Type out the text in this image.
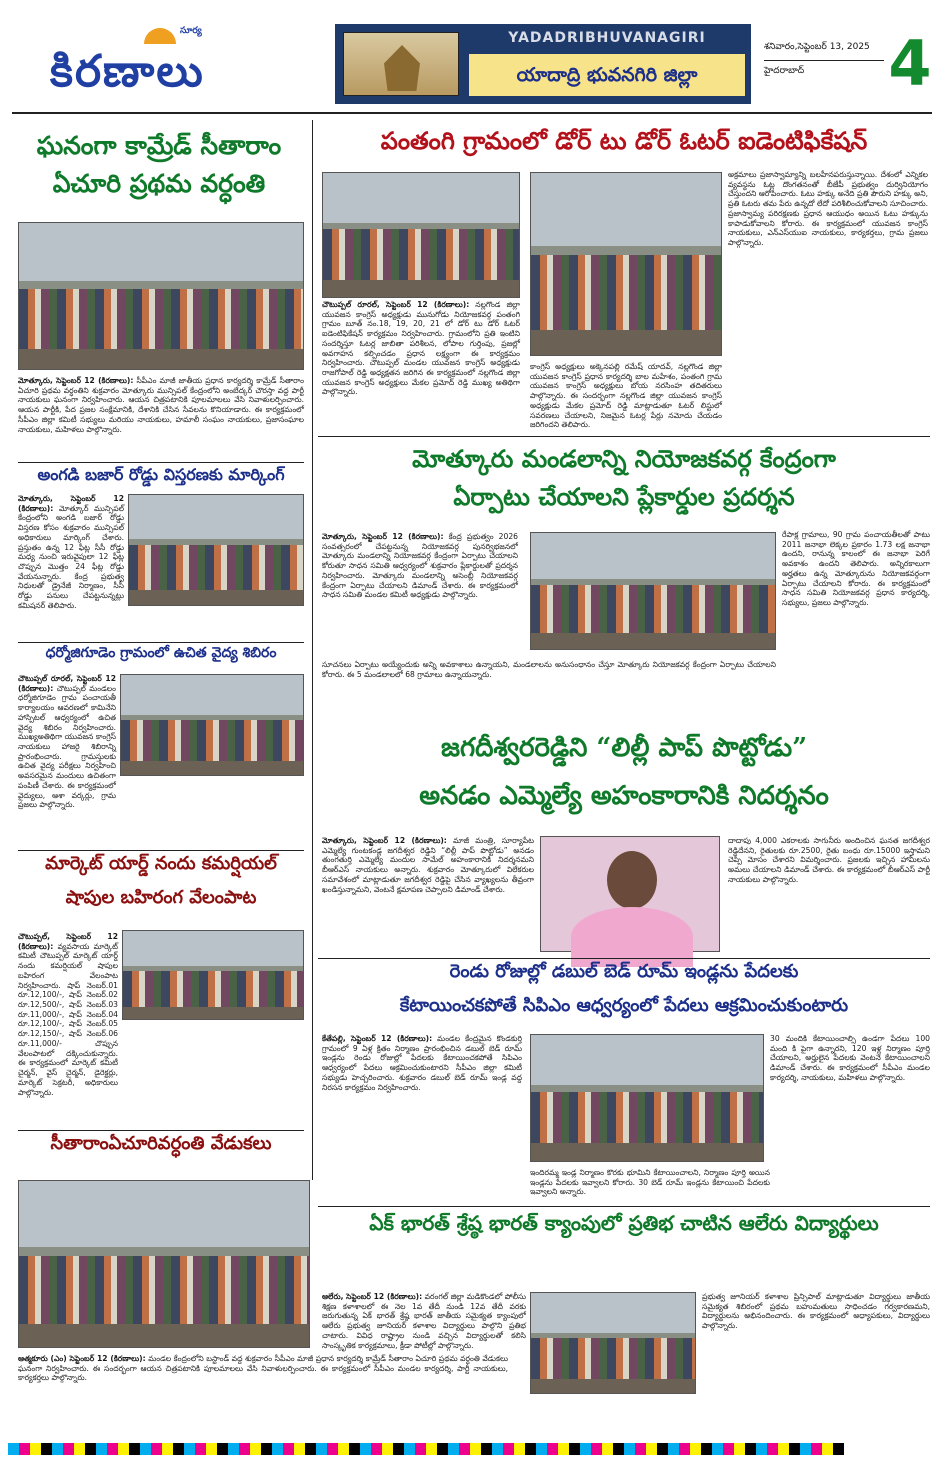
సూర్య
కిరణాలు
YADADRIBHUVANAGIRI
యాదాద్రి భువనగిరి జిల్లా
శనివారం,సెప్టెంబర్ 13, 2025
హైదరాబాద్	4
ఘనంగా కామ్రేడ్ సీతారాం
ఏచూరి ప్రథమ వర్ధంతి
మోత్కూరు, సెప్టెంబర్ 12 (కిరణాలు): సీపీఎం మాజీ జాతీయ ప్రధాన కార్యదర్శి కామ్రేడ్ సీతారాం ఏచూరి ప్రథమ వర్ధంతిని శుక్రవారం మోత్కూరు మున్సిపల్ కేంద్రంలోని అంబేద్కర్ చౌరస్తా వద్ద పార్టీ నాయకులు ఘనంగా నిర్వహించారు. ఆయన చిత్రపటానికి పూలమాలలు వేసి నివాళులర్పించారు. ఆయన పార్టీకి, పేద ప్రజల సంక్షేమానికి, దేశానికి చేసిన సేవలను కొనియాడారు. ఈ కార్యక్రమంలో సీపీఎం జిల్లా కమిటీ సభ్యులు మరియు నాయకులు, హమాలీ సంఘం నాయకులు, ప్రజాసంఘాల నాయకులు, మహిళలు పాల్గొన్నారు.
అంగడి బజార్ రోడ్డు విస్తరణకు మార్కింగ్
మోత్కూరు, సెప్టెంబర్ 12 (కిరణాలు): మోత్కూర్ మున్సిపల్ కేంద్రంలోని అంగడి బజార్ రోడ్డు విస్తరణ కోసం శుక్రవారం మున్సిపల్ అధికారులు మార్కింగ్ చేశారు. ప్రస్తుతం ఉన్న 12 ఫీట్ల సీసీ రోడ్డు మధ్య నుంచి ఇరువైపులా 12 ఫీట్ల చొప్పున మొత్తం 24 ఫీట్ల రోడ్డు వేయనున్నారు. కేంద్ర ప్రభుత్వ నిధులతో డ్రైనేజీ నిర్మాణం, సీసీ రోడ్డు పనులు చేపట్టనున్నట్లు కమిషనర్ తెలిపారు.
ధర్మోజిగూడెం గ్రామంలో ఉచిత వైద్య శిబిరం
చౌటుప్పల్ రూరల్, సెప్టెంబర్ 12 (కిరణాలు): చౌటుప్పల్ మండలం ధర్మోజిగూడెం గ్రామ పంచాయతీ కార్యాలయం ఆవరణలో కామినేని హాస్పిటల్ ఆధ్వర్యంలో ఉచిత వైద్య శిబిరం నిర్వహించారు. ముఖ్యఅతిథిగా యువజన కాంగ్రెస్ నాయకులు హాజరై శిబిరాన్ని ప్రారంభించారు. గ్రామస్తులకు ఉచిత వైద్య పరీక్షలు నిర్వహించి అవసరమైన మందులు ఉచితంగా పంపిణీ చేశారు. ఈ కార్యక్రమంలో వైద్యులు, ఆశా వర్కర్లు, గ్రామ ప్రజలు పాల్గొన్నారు.
మార్కెట్ యార్డ్ నందు కమర్షియల్
షాపుల బహిరంగ వేలంపాట
చౌటుప్పల్, సెప్టెంబర్ 12 (కిరణాలు): వ్యవసాయ మార్కెట్ కమిటీ చౌటుప్పల్ మార్కెట్ యార్డ్ నందు కమర్షియల్ షాపుల బహిరంగ వేలంపాట నిర్వహించారు. షాప్ నెంబర్.01 రూ.12,100/-, షాప్ నెంబర్.02 రూ.12,500/-, షాప్ నెంబర్.03 రూ.11,000/-, షాప్ నెంబర్.04 రూ.12,100/-, షాప్ నెంబర్.05 రూ.12,150/-, షాప్ నెంబర్.06 రూ.11,000/- చొప్పున వేలంపాటలో దక్కించుకున్నారు. ఈ కార్యక్రమంలో మార్కెట్ కమిటీ చైర్మన్, వైస్ చైర్మన్, డైరెక్టర్లు, మార్కెట్ సెక్రటరీ, అధికారులు పాల్గొన్నారు.
సీతారాంఏచూరివర్ధంతి వేడుకలు
ఆత్మకూరు (ఎం) సెప్టెంబర్ 12 (కిరణాలు): మండల కేంద్రంలోని బస్టాండ్ వద్ద శుక్రవారం సీపీఎం మాజీ ప్రధాన కార్యదర్శి కామ్రేడ్ సీతారాం ఏచూరి ప్రథమ వర్ధంతి వేడుకలు ఘనంగా నిర్వహించారు. ఈ సందర్భంగా ఆయన చిత్రపటానికి పూలమాలలు వేసి నివాళులర్పించారు. ఈ కార్యక్రమంలో సీపీఎం మండల కార్యదర్శి, పార్టీ నాయకులు, కార్యకర్తలు పాల్గొన్నారు.
పంతంగి గ్రామంలో డోర్ టు డోర్ ఓటర్ ఐడెంటిఫికేషన్
చౌటుప్పల్ రూరల్, సెప్టెంబర్ 12 (కిరణాలు): నల్లగొండ జిల్లా యువజన కాంగ్రెస్ అధ్యక్షుడు మునుగోడు నియోజకవర్గ పంతంగి గ్రామం బూత్ నం.18, 19, 20, 21 లో డోర్ టు డోర్ ఓటర్ ఐడెంటిఫికేషన్ కార్యక్రమం నిర్వహించారు. గ్రామంలోని ప్రతి ఇంటిని సందర్శిస్తూ ఓటర్ల జాబితా పరిశీలన, లోపాల గుర్తింపు, ప్రజల్లో అవగాహన కల్పించడం ప్రధాన లక్ష్యంగా ఈ కార్యక్రమం నిర్వహించారు. చౌటుప్పల్ మండల యువజన కాంగ్రెస్ అధ్యక్షుడు రాజగోపాల్ రెడ్డి అధ్యక్షతన జరిగిన ఈ కార్యక్రమంలో నల్లగొండ జిల్లా యువజన కాంగ్రెస్ అధ్యక్షులు మేకల ప్రమోద్ రెడ్డి ముఖ్య అతిథిగా పాల్గొన్నారు.
కాంగ్రెస్ అధ్యక్షులు అక్కెనపల్లి రమేష్ యాదవ్, నల్లగొండ జిల్లా యువజన కాంగ్రెస్ ప్రధాన కార్యదర్శి బాల మహేశం, పంతంగి గ్రామ యువజన కాంగ్రెస్ అధ్యక్షులు బోయ నరసింహ తదితరులు పాల్గొన్నారు. ఈ సందర్భంగా నల్లగొండ జిల్లా యువజన కాంగ్రెస్ అధ్యక్షుడు మేకల ప్రమోద్ రెడ్డి మాట్లాడుతూ ఓటర్ లిస్టులో సవరణలు చేయాలని, నిజమైన ఓటర్ల పేర్లు నమోదు చేయడం జరిగిందని తెలిపారు.
అక్రమాలు ప్రజాస్వామ్యాన్ని బలహీనపరుస్తున్నాయి. దేశంలో ఎన్నికల వ్యవస్థను ఓట్ల దొంగతనంతో బీజేపీ ప్రభుత్వం దుర్వినియోగం చేస్తుందని ఆరోపించారు. ఓటు హక్కు అనేది ప్రతి పౌరుని హక్కు అని, ప్రతి ఓటరు తమ పేరు ఉన్నదో లేదో పరిశీలించుకోవాలని సూచించారు. ప్రజాస్వామ్య పరిరక్షణకు ప్రధాన ఆయుధం అయిన ఓటు హక్కును కాపాడుకోవాలని కోరారు. ఈ కార్యక్రమంలో యువజన కాంగ్రెస్ నాయకులు, ఎన్ఎస్‌యుఐ నాయకులు, కార్యకర్తలు, గ్రామ ప్రజలు పాల్గొన్నారు.
మోత్కూరు మండలాన్ని నియోజకవర్గ కేంద్రంగా
ఏర్పాటు చేయాలని ప్లేకార్డుల ప్రదర్శన
మోత్కూరు, సెప్టెంబర్ 12 (కిరణాలు): కేంద్ర ప్రభుత్వం 2026 సంవత్సరంలో చేపట్టనున్న నియోజకవర్గ పునర్విభజనలో మోత్కూరు మండలాన్ని నియోజకవర్గ కేంద్రంగా ఏర్పాటు చేయాలని కోరుతూ సాధన సమితి ఆధ్వర్యంలో శుక్రవారం ప్లేకార్డులతో ప్రదర్శన నిర్వహించారు. మోత్కూరు మండలాన్ని అసెంబ్లీ నియోజకవర్గ కేంద్రంగా ఏర్పాటు చేయాలని డిమాండ్ చేశారు. ఈ కార్యక్రమంలో సాధన సమితి మండల కమిటీ అధ్యక్షుడు పాల్గొన్నారు.
సూచనలు ఏర్పాటు అయ్యేందుకు అన్ని అవకాశాలు ఉన్నాయని, మండలాలను అనుసంధానం చేస్తూ మోత్కూరు నియోజకవర్గ కేంద్రంగా ఏర్పాటు చేయాలని కోరారు. ఈ 5 మండలాలలో 68 గ్రామాలు ఉన్నాయన్నారు.
రేపాక్ల గ్రామాలు, 90 గ్రామ పంచాయతీలతో పాటు 2011 జనాభా లెక్కల ప్రకారం 1.73 లక్ష జనాభా ఉందని, రానున్న కాలంలో ఈ జనాభా పెరిగే అవకాశం ఉందని తెలిపారు. అన్నిరకాలుగా అర్హతలు ఉన్న మోత్కూరును నియోజకవర్గంగా ఏర్పాటు చేయాలని కోరారు. ఈ కార్యక్రమంలో సాధన సమితి నియోజకవర్గ ప్రధాన కార్యదర్శి, సభ్యులు, ప్రజలు పాల్గొన్నారు.
జగదీశ్వరరెడ్డిని “లిల్లీ పాప్ పొట్టోడు”
అనడం ఎమ్మెల్యే అహంకారానికి నిదర్శనం
మోత్కూరు, సెప్టెంబర్ 12 (కిరణాలు): మాజీ మంత్రి, సూర్యాపేట ఎమ్మెల్యే గుంటకండ్ల జగదీశ్వర రెడ్డిని “లిల్లీ పాప్ పొట్టోడు” అనడం తుంగతుర్తి ఎమ్మెల్యే మందుల సామేల్ అహంకారానికి నిదర్శనమని బీఆర్ఎస్ నాయకులు అన్నారు. శుక్రవారం మోత్కూరులో విలేకరుల సమావేశంలో మాట్లాడుతూ జగదీశ్వర రెడ్డిపై చేసిన వ్యాఖ్యలను తీవ్రంగా ఖండిస్తున్నామని, వెంటనే క్షమాపణ చెప్పాలని డిమాండ్ చేశారు.
దాదాపు 4,000 ఎకరాలకు సాగునీరు అందించిన ఘనత జగదీశ్వర రెడ్డిదేనని, రైతులకు రూ.2500, రైతు బంధు రూ.15000 ఇస్తామని చెప్పి మోసం చేశారని విమర్శించారు. ప్రజలకు ఇచ్చిన హామీలను అమలు చేయాలని డిమాండ్ చేశారు. ఈ కార్యక్రమంలో బీఆర్ఎస్ పార్టీ నాయకులు పాల్గొన్నారు.
రెండు రోజుల్లో డబుల్ బెడ్ రూమ్ ఇండ్లను పేదలకు
కేటాయించకపోతే సిపిఎం ఆధ్వర్యంలో పేదలు ఆక్రమించుకుంటారు
కేతేపల్లి, సెప్టెంబర్ 12 (కిరణాలు): మండల కేంద్రమైన కొండకుర్తి గ్రామంలో 9 ఏళ్ల క్రితం నిర్మాణం ప్రారంభించిన డబుల్ బెడ్ రూమ్ ఇండ్లను రెండు రోజుల్లో పేదలకు కేటాయించకపోతే సిపిఎం ఆధ్వర్యంలో పేదలు ఆక్రమించుకుంటారని సీపీఎం జిల్లా కమిటీ సభ్యుడు హెచ్చరించారు. శుక్రవారం డబుల్ బెడ్ రూమ్ ఇండ్ల వద్ద నిరసన కార్యక్రమం నిర్వహించారు.
30 మందికి కేటాయించాల్సి ఉండగా పేదలు 100 మంది కి పైగా ఉన్నారని, 120 ఇళ్ల నిర్మాణం పూర్తి చేయాలని, అర్హులైన పేదలకు వెంటనే కేటాయించాలని డిమాండ్ చేశారు. ఈ కార్యక్రమంలో సీపీఎం మండల కార్యదర్శి, నాయకులు, మహిళలు పాల్గొన్నారు.
ఇందిరమ్మ ఇండ్ల నిర్మాణం కొరకు భూమిని కేటాయించాలని, నిర్మాణం పూర్తి అయిన ఇండ్లను పేదలకు ఇవ్వాలని కోరారు. 30 బెడ్ రూమ్ ఇండ్లను కేటాయించి పేదలకు ఇవ్వాలని అన్నారు.
ఏక్ భారత్ శ్రేష్ఠ భారత్ క్యాంపులో ప్రతిభ చాటిన ఆలేరు విద్యార్థులు
ఆలేరు, సెప్టెంబర్ 12 (కిరణాలు): వరంగల్ జిల్లా మడికొండలో పోలీసు శిక్షణ కళాశాలలో ఈ నెల 1వ తేదీ నుండి 12వ తేదీ వరకు జరుగుతున్న ఏక్ భారత్ శ్రేష్ఠ భారత్ జాతీయ సమైక్యత క్యాంపులో ఆలేరు ప్రభుత్వ జూనియర్ కళాశాల విద్యార్థులు పాల్గొని ప్రతిభ చాటారు. వివిధ రాష్ట్రాల నుండి వచ్చిన విద్యార్థులతో కలిసి సాంస్కృతిక కార్యక్రమాలు, క్రీడా పోటీల్లో పాల్గొన్నారు.
ప్రభుత్వ జూనియర్ కళాశాల ప్రిన్సిపాల్ మాట్లాడుతూ విద్యార్థులు జాతీయ సమైక్యత శిబిరంలో ప్రథమ బహుమతులు సాధించడం గర్వకారణమని, విద్యార్థులను అభినందించారు. ఈ కార్యక్రమంలో అధ్యాపకులు, విద్యార్థులు పాల్గొన్నారు.
